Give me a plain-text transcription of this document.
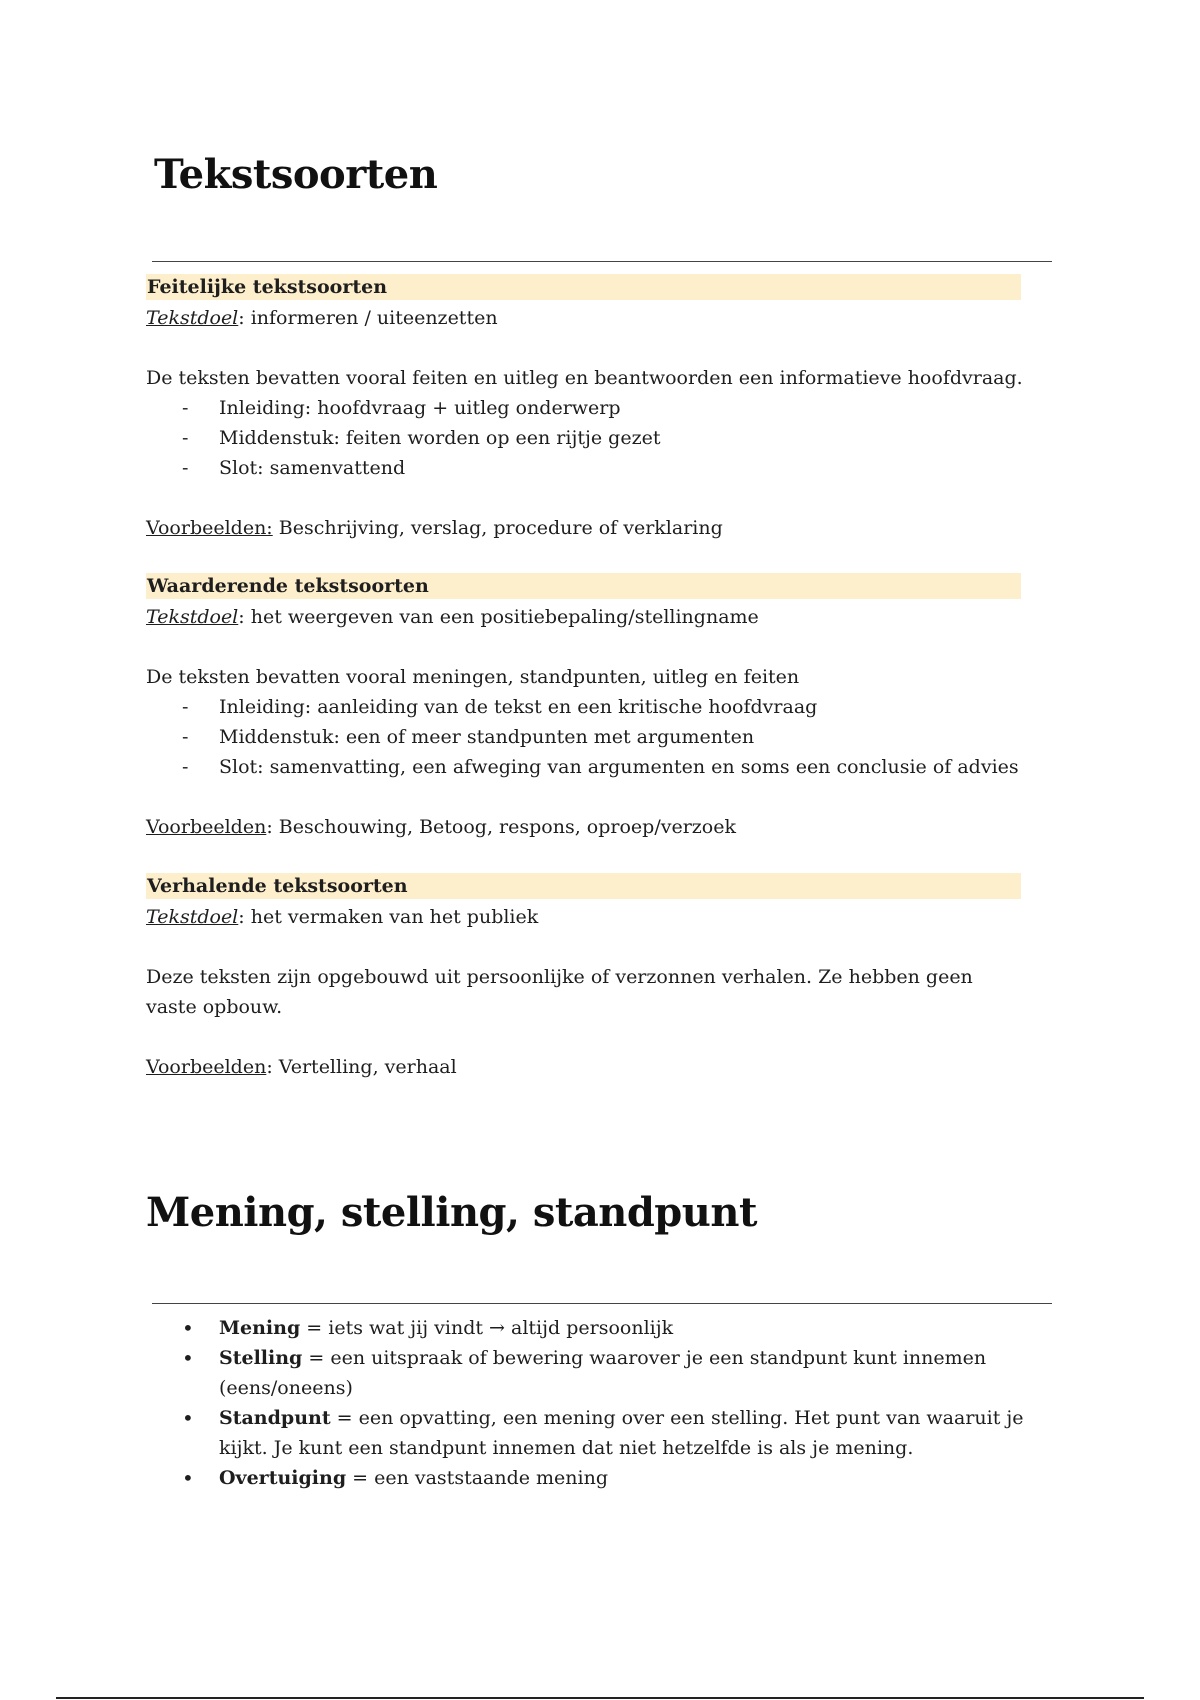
Tekstsoorten
Feitelijke tekstsoorten

Tekstdoel: informeren / uiteenzetten

De teksten bevatten vooral feiten en uitleg en beantwoorden een informatieve hoofdvraag.

- Inleiding: hoofdvraag + uitleg onderwerp
- Middenstuk: feiten worden op een rijtje gezet
- Slot: samenvattend

Voorbeelden: Beschrijving, verslag, procedure of verklaring

Waarderende tekstsoorten

Tekstdoel: het weergeven van een positiebepaling/stellingname

De teksten bevatten vooral meningen, standpunten, uitleg en feiten

- Inleiding: aanleiding van de tekst en een kritische hoofdvraag
- Middenstuk: een of meer standpunten met argumenten
- Slot: samenvatting, een afweging van argumenten en soms een conclusie of advies

Voorbeelden: Beschouwing, Betoog, respons, oproep/verzoek

Verhalende tekstsoorten

Tekstdoel: het vermaken van het publiek

Deze teksten zijn opgebouwd uit persoonlijke of verzonnen verhalen. Ze hebben geen vaste opbouw.

Voorbeelden: Vertelling, verhaal

Mening, stelling, standpunt
• Mening = iets wat jij vindt → altijd persoonlijk
• Stelling = een uitspraak of bewering waarover je een standpunt kunt innemen (eens/oneens)
• Standpunt = een opvatting, een mening over een stelling. Het punt van waaruit je kijkt. Je kunt een standpunt innemen dat niet hetzelfde is als je mening.
• Overtuiging = een vaststaande mening
